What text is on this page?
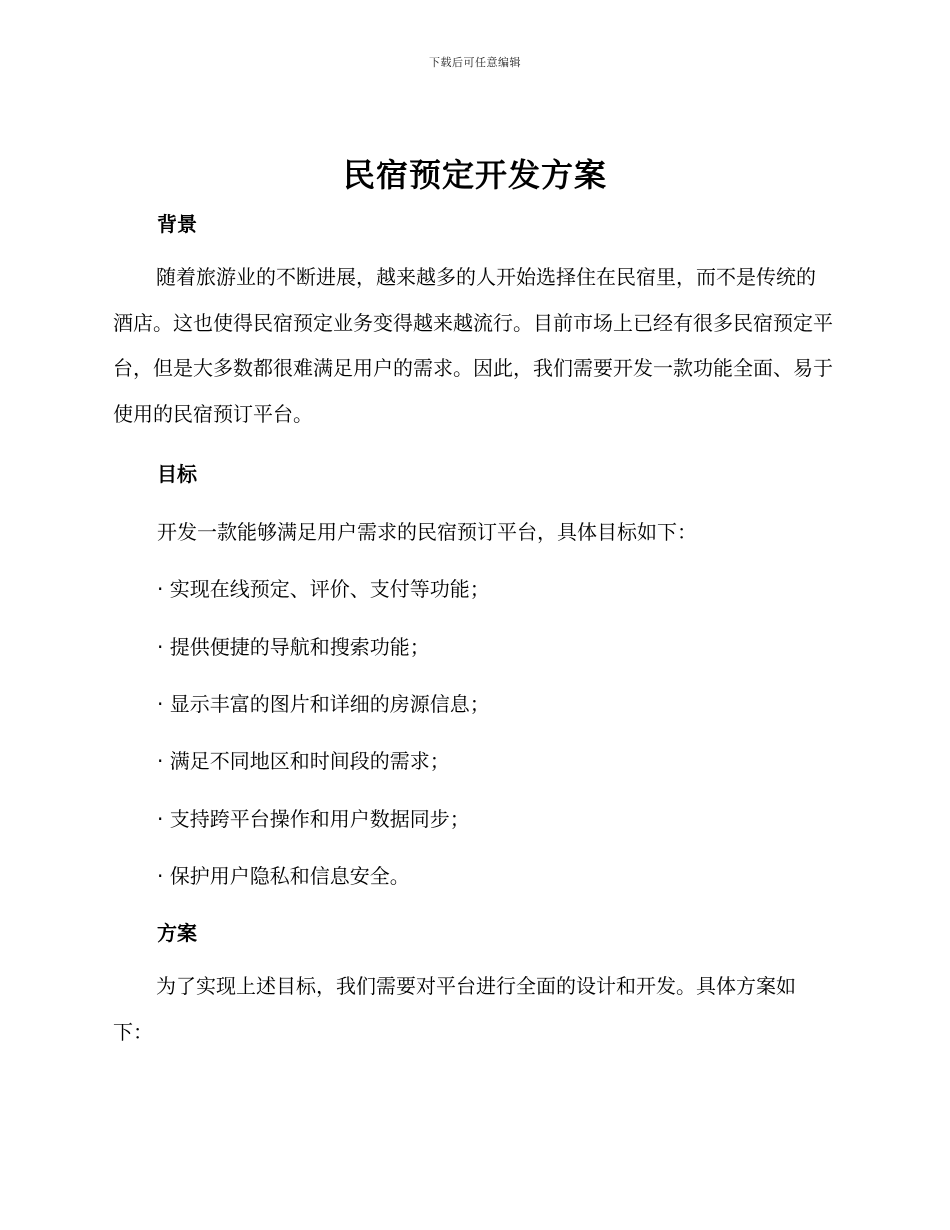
下载后可任意编辑
民宿预定开发方案
背景

随着旅游业的不断进展，越来越多的人开始选择住在民宿里，而不是传统的酒店。这也使得民宿预定业务变得越来越流行。目前市场上已经有很多民宿预定平台，但是大多数都很难满足用户的需求。因此，我们需要开发一款功能全面、易于使用的民宿预订平台。

目标
开发一款能够满足用户需求的民宿预订平台，具体目标如下：
· 实现在线预定、评价、支付等功能；
· 提供便捷的导航和搜索功能；
· 显示丰富的图片和详细的房源信息；
· 满足不同地区和时间段的需求；
· 支持跨平台操作和用户数据同步；
· 保护用户隐私和信息安全。
方案

为了实现上述目标，我们需要对平台进行全面的设计和开发。具体方案如下：
